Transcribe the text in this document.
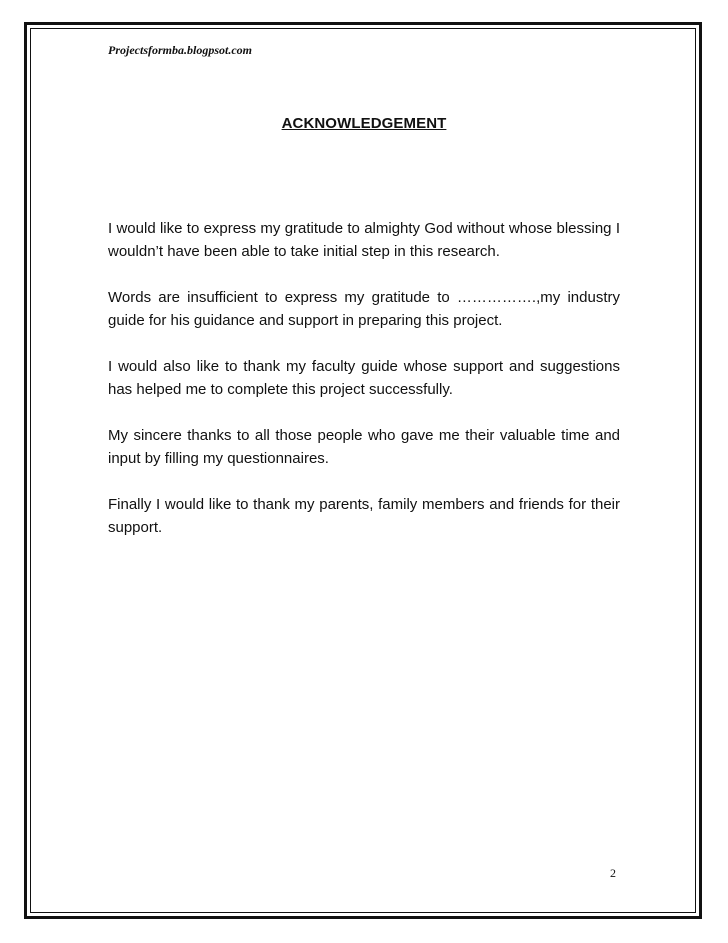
Projectsformba.blogpsot.com
ACKNOWLEDGEMENT

I would like to express my gratitude to almighty God without whose blessing I wouldn’t have been able to take initial step in this research.

Words are insufficient to express my gratitude to …………….,my industry guide for his guidance and support in preparing this project.

I would also like to thank my faculty guide whose support and suggestions has helped me to complete this project successfully.

My sincere thanks to all those people who gave me their valuable time and input by filling my questionnaires.

Finally I would like to thank my parents, family members and friends for their support.

2
